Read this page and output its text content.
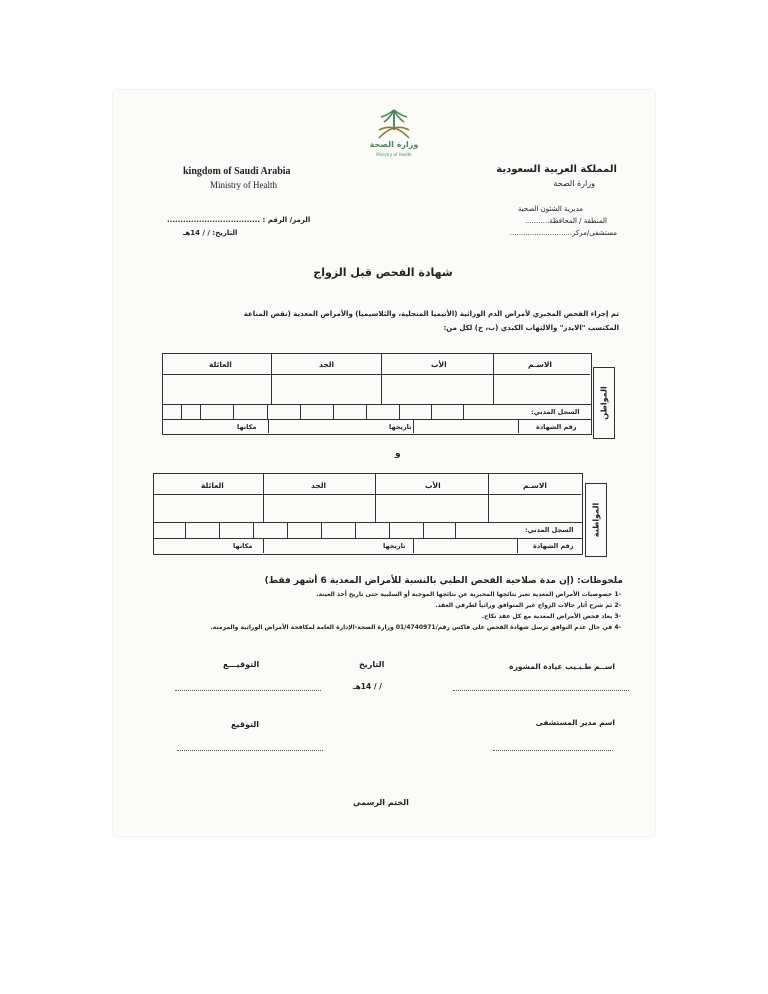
وزارة الصحة
Ministry of Health
kingdom of Saudi Arabia
Ministry of Health
المملكة العربية السعودية
وزارة الصحة
مديرية الشئون الصحية
المنطقة / المحافظة...........
مستشفى/مركز............................
الرمز/ الرقم : ...................................
التاريخ: / / 14هـ
شهادة الفحص قبل الزواج
تم إجراء الفحص المخبري لأمراض الدم الوراثية (الأنيميا المنجلية، والثلاسيميا) والأمراض المعدية (نقص المناعة
المكتسب "الايدز" والالتهاب الكبدي (ب، ج) لكل من:
المواطن
الاسـم
الأب
الجد
العائلة
السجل المدني:
رقم الشهادة
تاريخها
مكانها
و
المواطنة
الاسـم
الأب
الجد
العائلة
السجل المدني:
رقم الشهادة
تاريخها
مكانها
ملحوظات: (إن مدة صلاحية الفحص الطبي بالنسبة للأمراض المعدية 6 أشهر فقط)
-1 خصوصيات الأمراض المعدية تعبر نتائجها المخبرية عن نتائجها الموجبة أو السلبية حتى تاريخ أخذ العينة.
-2 تم شرح آثار حالات الزواج غير المتوافق وراثياً لطرفي العقد.
-3 يعاد فحص الأمراض المعدية مع كل عقد نكاح.
-4 في حال عدم التوافق ترسل شهادة الفحص على فاكس رقم/01/4740971 وزارة الصحة-الإدارة العامة لمكافحة الأمراض الوراثية والمزمنة.
اســم طـبـيب عيادة المشورة
التاريخ
التوقيـــع
/ / 14هـ
اسم مدير المستشفى
التوقيع
الختم الرسمي
